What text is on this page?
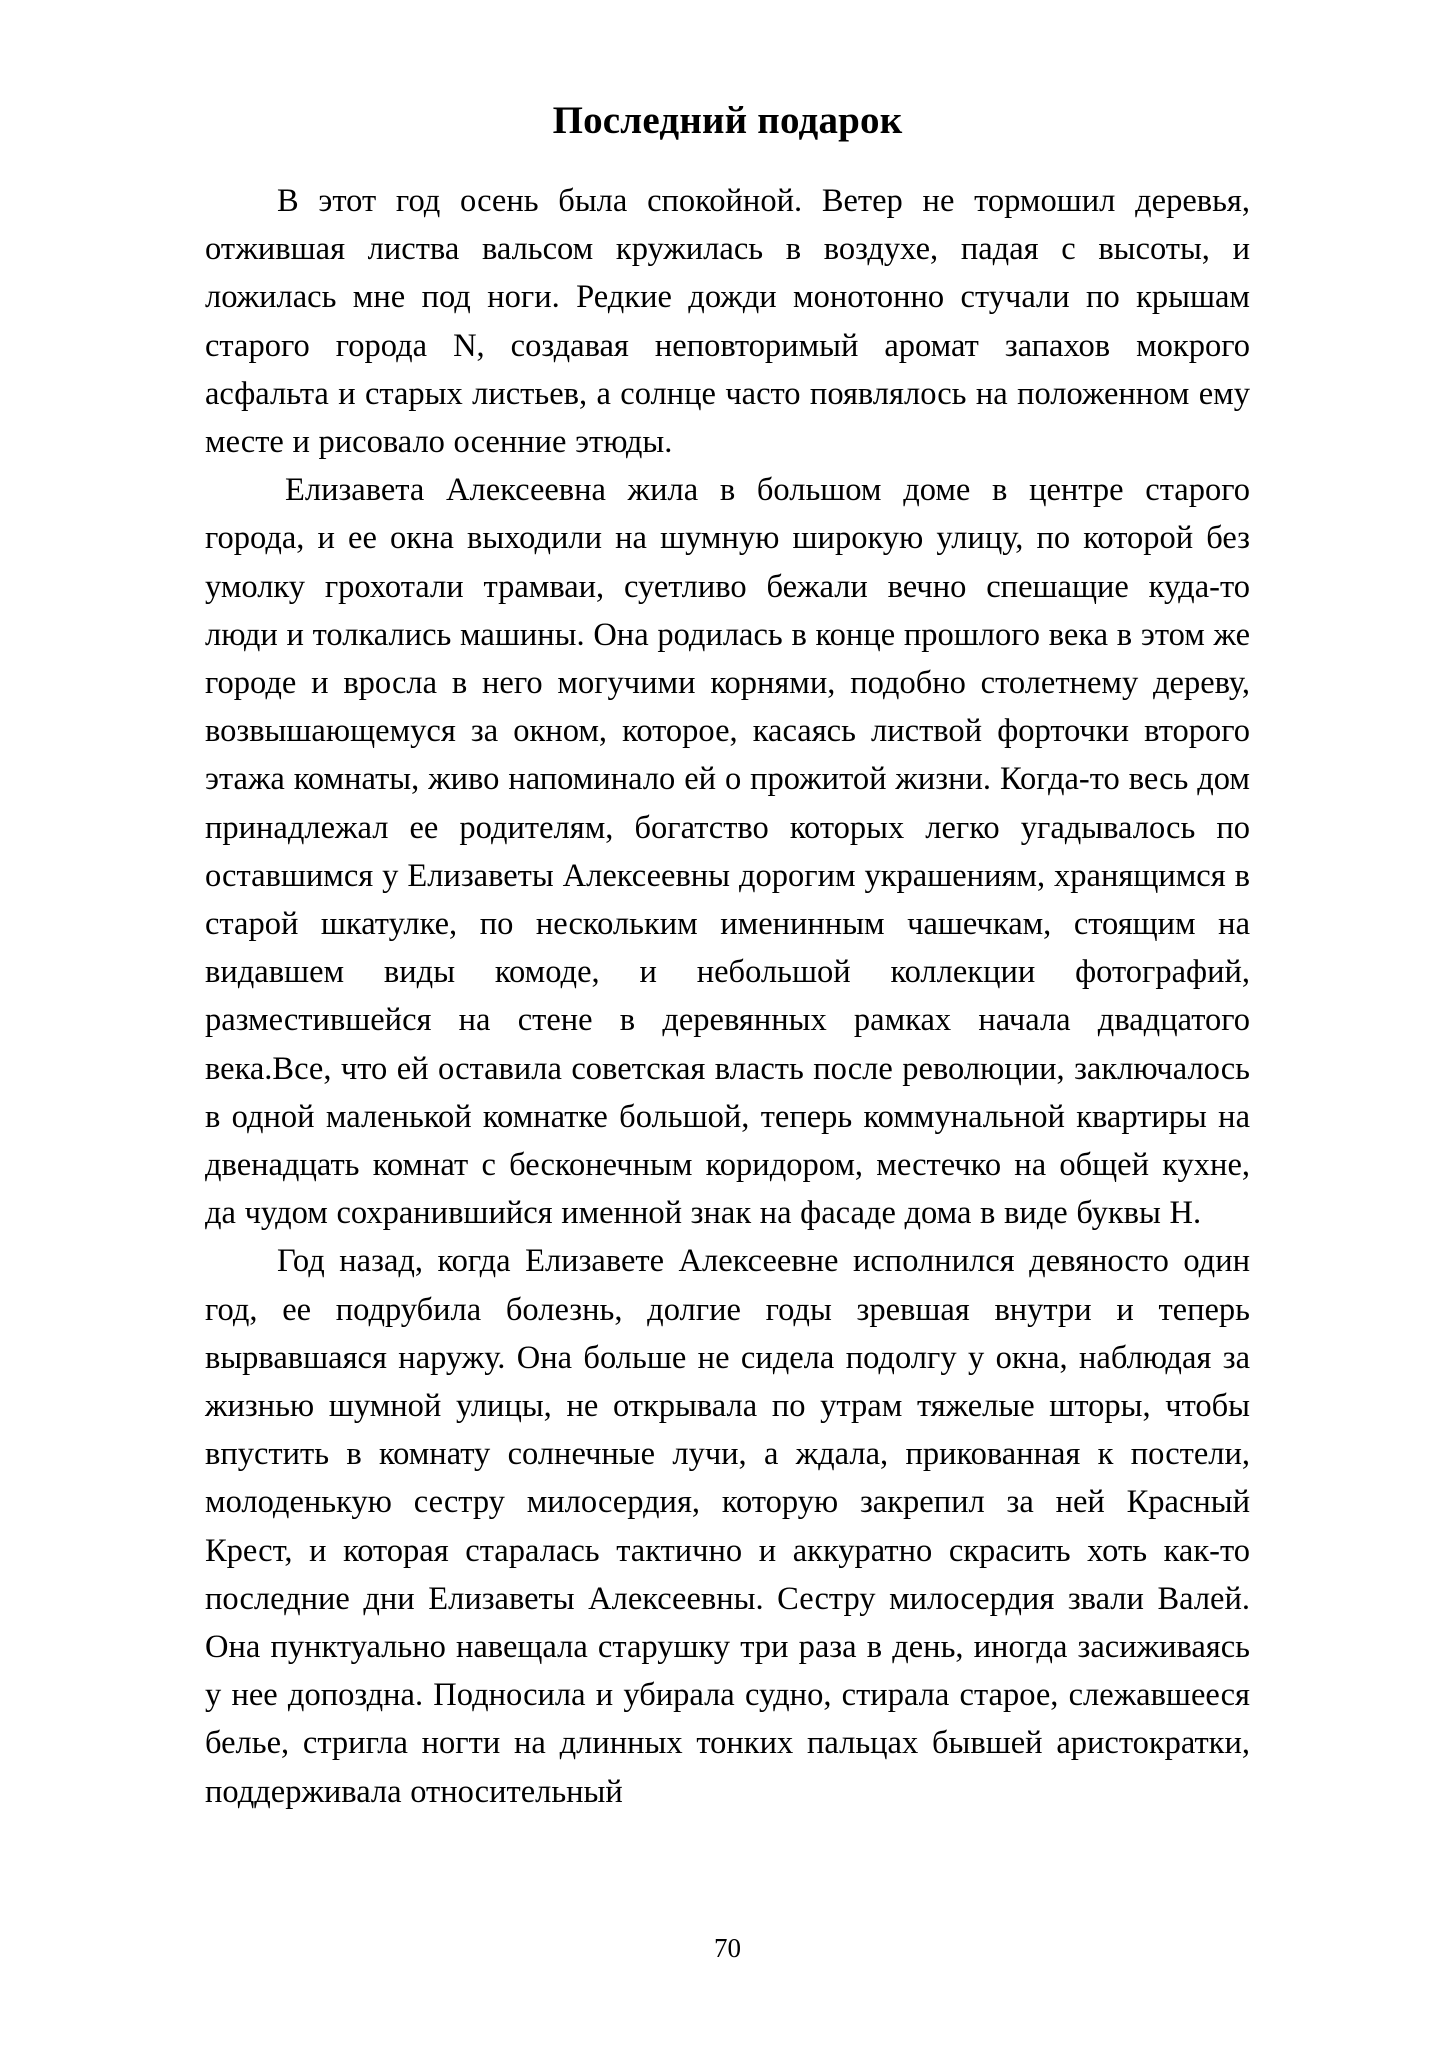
Последний подарок

В этот год осень была спокойной. Ветер не тормошил деревья, отжившая листва вальсом кружилась в воздухе, падая с высоты, и ложилась мне под ноги. Редкие дожди монотонно стучали по крышам старого города N, создавая неповторимый аромат запахов мокрого асфальта и старых листьев, а солнце часто появлялось на положенном ему месте и рисовало осенние этюды.

Елизавета Алексеевна жила в большом доме в центре старого города, и ее окна выходили на шумную широкую улицу, по которой без умолку грохотали трамваи, суетливо бежали вечно спешащие куда-то люди и толкались машины. Она родилась в конце прошлого века в этом же городе и вросла в него могучими корнями, подобно столетнему дереву, возвышающемуся за окном, которое, касаясь листвой форточки второго этажа комнаты, живо напоминало ей о прожитой жизни. Когда-то весь дом принадлежал ее родителям, богатство которых легко угадывалось по оставшимся у Елизаветы Алексеевны дорогим украшениям, хранящимся в старой шкатулке, по нескольким именинным чашечкам, стоящим на видавшем виды комоде, и небольшой коллекции фотографий, разместившейся на стене в деревянных рамках начала двадцатого века.Все, что ей оставила советская власть после революции, заключалось в одной маленькой комнатке большой, теперь коммунальной квартиры на двенадцать комнат с бесконечным коридором, местечко на общей кухне, да чудом сохранившийся именной знак на фасаде дома в виде буквы Н.

Год назад, когда Елизавете Алексеевне исполнился девяносто один год, ее подрубила болезнь, долгие годы зревшая внутри и теперь вырвавшаяся наружу. Она больше не сидела подолгу у окна, наблюдая за жизнью шумной улицы, не открывала по утрам тяжелые шторы, чтобы впустить в комнату солнечные лучи, а ждала, прикованная к постели, молоденькую сестру милосердия, которую закрепил за ней Красный Крест, и которая старалась тактично и аккуратно скрасить хоть как-то последние дни Елизаветы Алексеевны. Сестру милосердия звали Валей. Она пунктуально навещала старушку три раза в день, иногда засиживаясь у нее допоздна. Подносила и убирала судно, стирала старое, слежавшееся белье, стригла ногти на длинных тонких пальцах бывшей аристократки, поддерживала относительный

70
